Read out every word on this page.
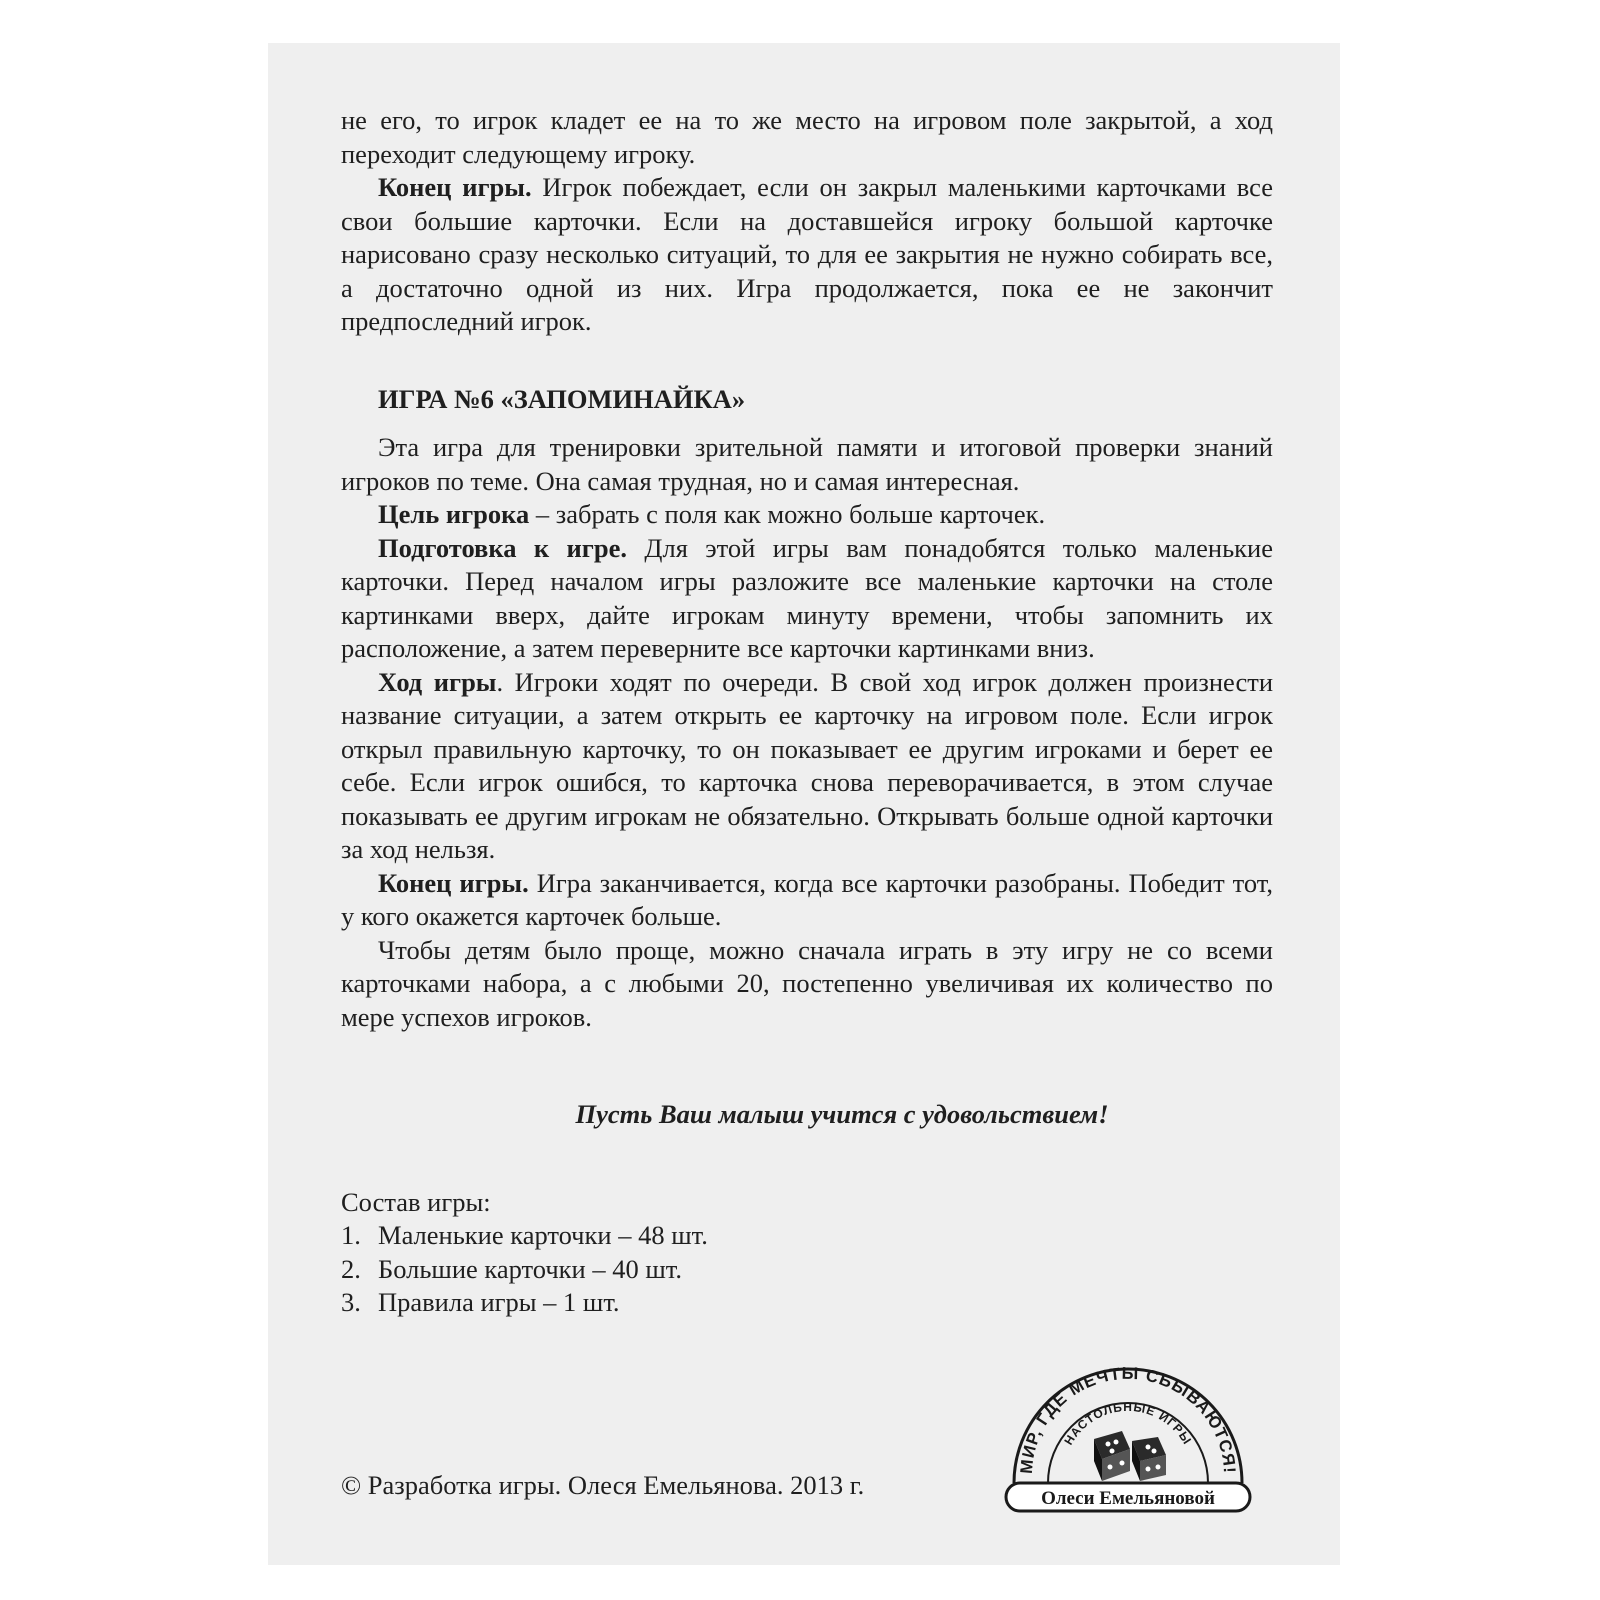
не его, то игрок кладет ее на то же место на игровом поле закрытой, а ход переходит следующему игроку.

Конец игры. Игрок побеждает, если он закрыл маленькими карточками все свои большие карточки. Если на доставшейся игроку большой карточке нарисовано сразу несколько ситуаций, то для ее закрытия не нужно собирать все, а достаточно одной из них. Игра продолжается, пока ее не закончит предпоследний игрок.

ИГРА №6 «ЗАПОМИНАЙКА»

Эта игра для тренировки зрительной памяти и итоговой проверки знаний игроков по теме. Она самая трудная, но и самая интересная.

Цель игрока – забрать с поля как можно больше карточек.

Подготовка к игре. Для этой игры вам понадобятся только маленькие карточки. Перед началом игры разложите все маленькие карточки на столе картинками вверх, дайте игрокам минуту времени, чтобы запомнить их расположение, а затем переверните все карточки картинками вниз.

Ход игры. Игроки ходят по очереди. В свой ход игрок должен произнести название ситуации, а затем открыть ее карточку на игровом поле. Если игрок открыл правильную карточку, то он показывает ее другим игроками и берет ее себе. Если игрок ошибся, то карточка снова переворачивается, в этом случае показывать ее другим игрокам не обязательно. Открывать больше одной карточки за ход нельзя.

Конец игры. Игра заканчивается, когда все карточки разобраны. Победит тот, у кого окажется карточек больше.

Чтобы детям было проще, можно сначала играть в эту игру не со всеми карточками набора, а с любыми 20, постепенно увеличивая их количество по мере успехов игроков.

Пусть Ваш малыш учится с удовольствием!

Состав игры:
1. Маленькие карточки – 48 шт.
2. Большие карточки – 40 шт.
3. Правила игры – 1 шт.
© Разработка игры. Олеся Емельянова. 2013 г.
МИР, ГДЕ МЕЧТЫ СБЫВАЮТСЯ!
НАСТОЛЬНЫЕ ИГРЫ
Олеси Емельяновой
